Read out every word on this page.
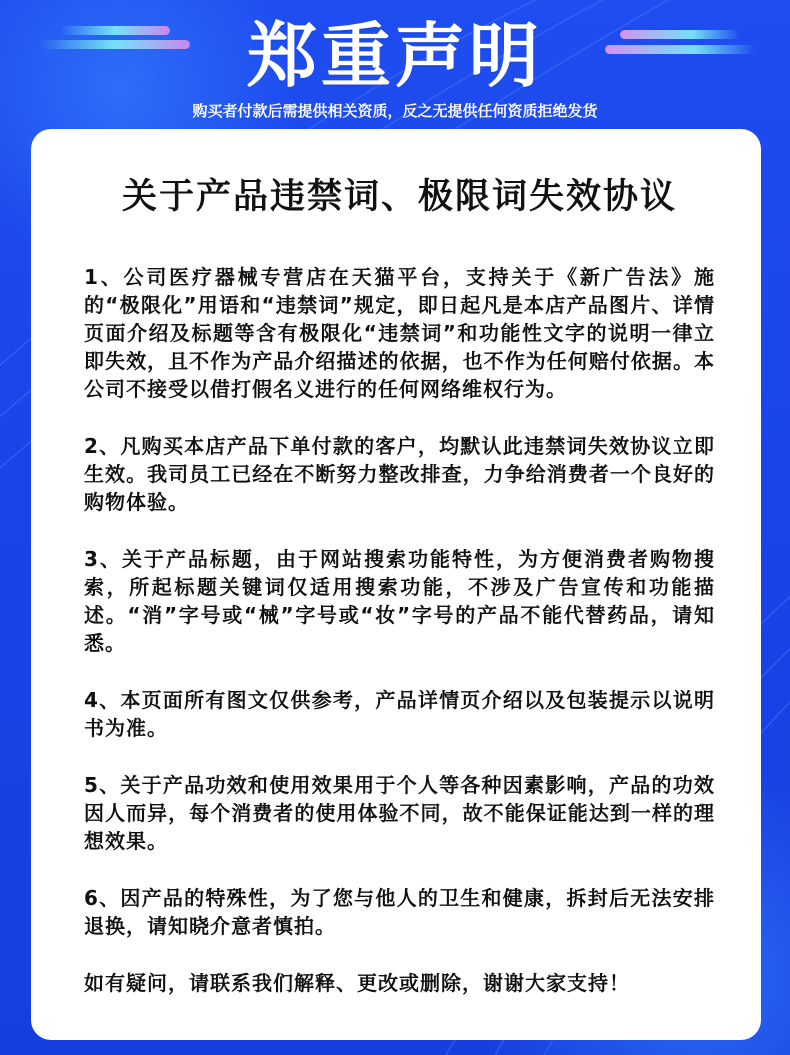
郑重声明
购买者付款后需提供相关资质，反之无提供任何资质拒绝发货
关于产品违禁词、极限词失效协议

1、公司医疗器械专营店在天猫平台，支持关于《新广告法》施的“极限化”用语和“违禁词”规定，即日起凡是本店产品图片、详情页面介绍及标题等含有极限化“违禁词”和功能性文字的说明一律立即失效，且不作为产品介绍描述的依据，也不作为任何赔付依据。本公司不接受以借打假名义进行的任何网络维权行为。

2、凡购买本店产品下单付款的客户，均默认此违禁词失效协议立即生效。我司员工已经在不断努力整改排查，力争给消费者一个良好的购物体验。

3、关于产品标题，由于网站搜索功能特性，为方便消费者购物搜索，所起标题关键词仅适用搜索功能，不涉及广告宣传和功能描述。“消”字号或“械”字号或“妆”字号的产品不能代替药品，请知悉。

4、本页面所有图文仅供参考，产品详情页介绍以及包装提示以说明书为准。

5、关于产品功效和使用效果用于个人等各种因素影响，产品的功效因人而异，每个消费者的使用体验不同，故不能保证能达到一样的理想效果。

6、因产品的特殊性，为了您与他人的卫生和健康，拆封后无法安排退换，请知晓介意者慎拍。

如有疑问，请联系我们解释、更改或删除，谢谢大家支持！
